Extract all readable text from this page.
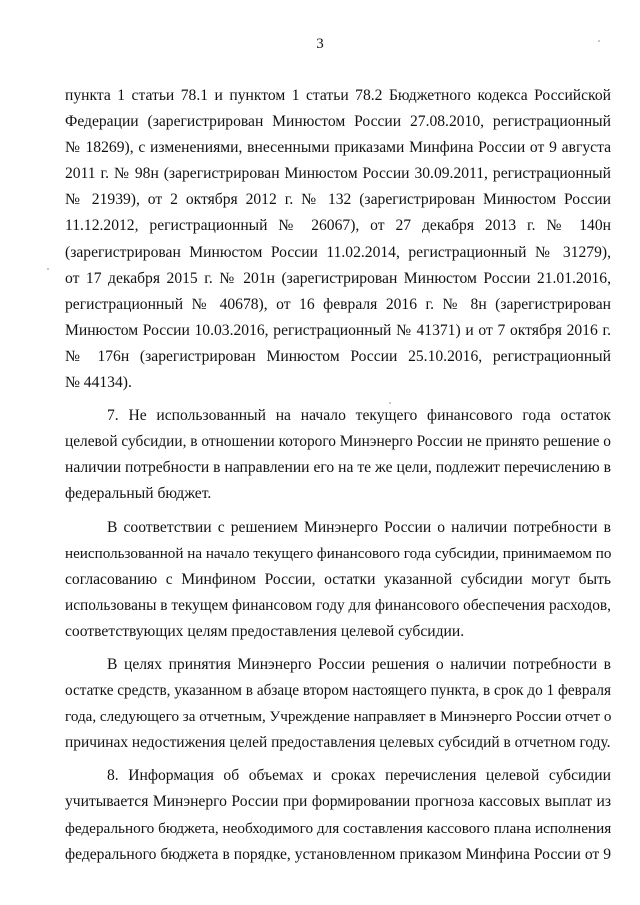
3
пункта 1 статьи 78.1 и пунктом 1 статьи 78.2 Бюджетного кодекса Российской
Федерации (зарегистрирован Минюстом России 27.08.2010, регистрационный
№ 18269), с изменениями, внесенными приказами Минфина России от 9 августа
2011 г. № 98н (зарегистрирован Минюстом России 30.09.2011, регистрационный
№ 21939), от 2 октября 2012 г. № 132 (зарегистрирован Минюстом России
11.12.2012, регистрационный № 26067), от 27 декабря 2013 г. № 140н
(зарегистрирован Минюстом России 11.02.2014, регистрационный № 31279),
от 17 декабря 2015 г. № 201н (зарегистрирован Минюстом России 21.01.2016,
регистрационный № 40678), от 16 февраля 2016 г. № 8н (зарегистрирован
Минюстом России 10.03.2016, регистрационный № 41371) и от 7 октября 2016 г.
№ 176н (зарегистрирован Минюстом России 25.10.2016, регистрационный
№ 44134).
7. Не использованный на начало текущего финансового года остаток
целевой субсидии, в отношении которого Минэнерго России не принято решение о
наличии потребности в направлении его на те же цели, подлежит перечислению в
федеральный бюджет.
В соответствии с решением Минэнерго России о наличии потребности в
неиспользованной на начало текущего финансового года субсидии, принимаемом по
согласованию с Минфином России, остатки указанной субсидии могут быть
использованы в текущем финансовом году для финансового обеспечения расходов,
соответствующих целям предоставления целевой субсидии.
В целях принятия Минэнерго России решения о наличии потребности в
остатке средств, указанном в абзаце втором настоящего пункта, в срок до 1 февраля
года, следующего за отчетным, Учреждение направляет в Минэнерго России отчет о
причинах недостижения целей предоставления целевых субсидий в отчетном году.
8. Информация об объемах и сроках перечисления целевой субсидии
учитывается Минэнерго России при формировании прогноза кассовых выплат из
федерального бюджета, необходимого для составления кассового плана исполнения
федерального бюджета в порядке, установленном приказом Минфина России от 9
